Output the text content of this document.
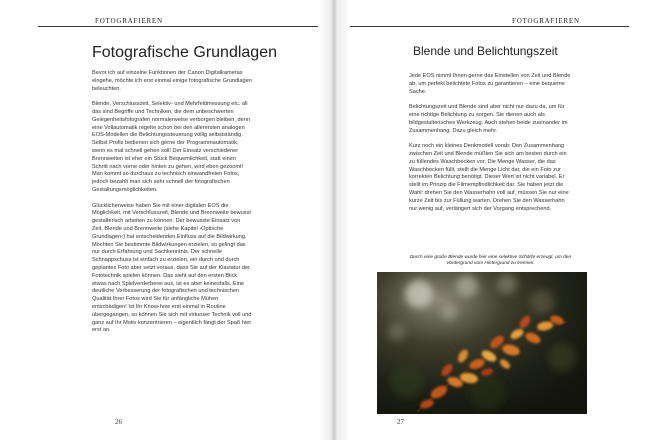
FOTOGRAFIEREN
Fotografische Grundlagen

Bevor ich auf einzelne Funktionen der Canon Digitalkameras eingehe, möchte ich erst einmal einige fotografische Grundlagen beleuchten.

Blende, Verschlusszeit, Selektiv- und Mehrfeldmessung etc. all das sind Begriffe und Techniken, die dem unbeschwerten Gelegenheitsfotografen normalerweise verborgen bleiben, denn eine Vollautomatik regelte schon bei den allerersten analogen EOS-Modellen die Belichtungssteuerung völlig selbstständig. Selbst Profis bedienen sich gerne der Programmautomatik, wenn es mal schnell gehen soll! Der Einsatz verschiedener Brennweiten ist eher ein Stück Bequemlichkeit, statt einen Schritt nach vorne oder hinten zu gehen, wird eben gezoomt! Man kommt so durchaus zu technisch einwandfreien Fotos, jedoch bezahlt man sich sehr schnell der fotografischen Gestaltungsmöglichkeiten.

Glücklicherweise haben Sie mit einer digitalen EOS die Möglichkeit, mit Verschlusszeit, Blende und Brennweite bewusst gestalterisch arbeiten zu können. Der bewusste Einsatz von Zeit, Blende und Brennweite (siehe Kapitel ›Optische Grundlagen‹) hat entscheidenden Einfluss auf die Bildwirkung. Möchten Sie bestimmte Bildwirkungen erzielen, so gelingt das nur durch Erfahrung und Sachkenntnis. Der schnelle Schnappschuss ist einfach zu erzielen, ein durch und durch geplantes Foto aber setzt voraus, dass Sie auf der Klaviatur der Fototechnik spielen können. Das sieht auf den ersten Blick etwas nach Spielverderberei aus, ist es aber keinesfalls. Eine deutliche Verbesserung der fotografischen und technischen Qualität Ihrer Fotos wird Sie für anfängliche Mühen entschädigen! Ist Ihr Know-how erst einmal in Routine übergegangen, so können Sie sich mit virtuoser Technik voll und ganz auf Ihr Motiv konzentrieren – eigentlich fängt der Spaß hier erst an.

26
FOTOGRAFIEREN
Blende und Belichtungszeit

Jede EOS nimmt Ihnen gerne das Einstellen von Zeit und Blende ab, um perfekt belichtete Fotos zu garantieren – eine bequeme Sache.

Belichtungszeit und Blende sind aber nicht nur dazu da, um für eine richtige Belichtung zu sorgen. Sie dienen auch als bildgestalterisches Werkzeug. Auch stehen beide zueinander im Zusammenhang. Dazu gleich mehr.

Kurz noch ein kleines Denkmodell vorab: Den Zusammenhang zwischen Zeit und Blende müßten Sie sich am besten durch ein zu füllendes Waschbecken vor. Die Menge Wasser, die das Waschbecken füllt, stellt die Menge Licht dar, die ein Foto zur korrekten Belichtung benötigt. Dieser Wert ist nicht variabel. Er stellt im Prinzip die Filmempfindlichkeit dar. Sie haben jetzt die Wahl: drehen Sie den Wasserhahn voll auf, müssen Sie nur eine kurze Zeit bis zur Füllung warten. Drehen Sie den Wasserhahn nur wenig auf, verlängert sich der Vorgang entsprechend.

Durch eine große Blende wurde hier eine selektive Schärfe erzeugt, um den Vordergrund vom Hintergrund zu trennen.
27
